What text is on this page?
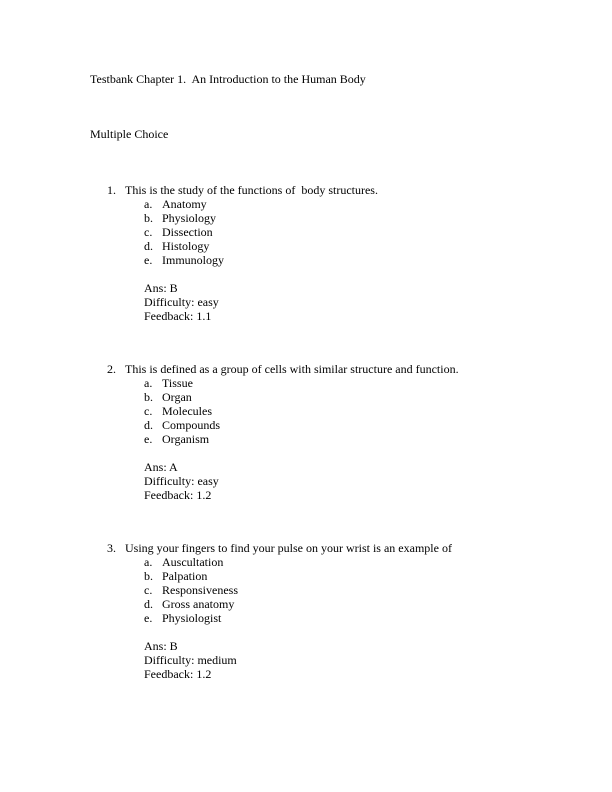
Testbank Chapter 1.  An Introduction to the Human Body
Multiple Choice
1. This is the study of the functions of  body structures.
a. Anatomy
b. Physiology
c. Dissection
d. Histology
e. Immunology
Ans: B
Difficulty: easy
Feedback: 1.1
2. This is defined as a group of cells with similar structure and function.
a. Tissue
b. Organ
c. Molecules
d. Compounds
e. Organism
Ans: A
Difficulty: easy
Feedback: 1.2
3. Using your fingers to find your pulse on your wrist is an example of
a. Auscultation
b. Palpation
c. Responsiveness
d. Gross anatomy
e. Physiologist
Ans: B
Difficulty: medium
Feedback: 1.2
